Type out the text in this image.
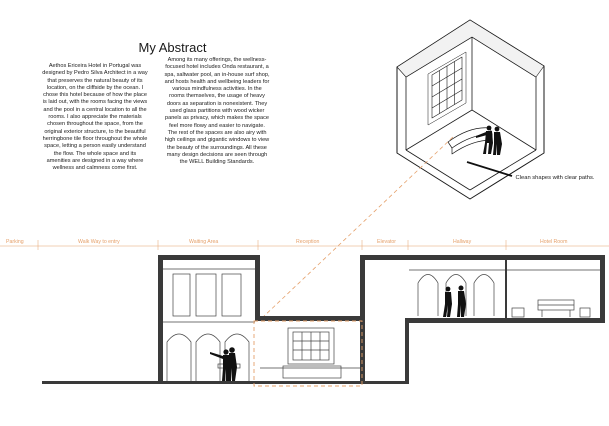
My Abstract
Aethos Ericeira Hotel in Portugal was designed by Pedro Silva Architect in a way that preserves the natural beauty of its location, on the cliffside by the ocean. I chose this hotel because of how the place is laid out, with the rooms facing the views and the pool in a central location to all the rooms. I also appreciate the materials chosen throughout the space, from the original exterior structure, to the beautiful herringbone tile floor throughout the whole space, letting a person easily understand the flow. The whole space and its amenities are designed in a way where wellness and calmness come first.
Among its many offerings, the wellness-focused hotel includes Onda restaurant, a spa, saltwater pool, an in-house surf shop, and hosts health and wellbeing leaders for various mindfulness activities. In the rooms themselves, the usage of heavy doors as separation is nonexistent. They used glass partitions with wood wicker panels as privacy, which makes the space feel more flowy and easier to navigate. The rest of the spaces are also airy with high ceilings and gigantic windows to view the beauty of the surroundings. All these many design decisions are seen through the WELL Building Standards.
Clean shapes with clear paths.
Parking	Walk Way to entry	Waiting Area	Reception	Elevator	Hallway	Hotel Room
